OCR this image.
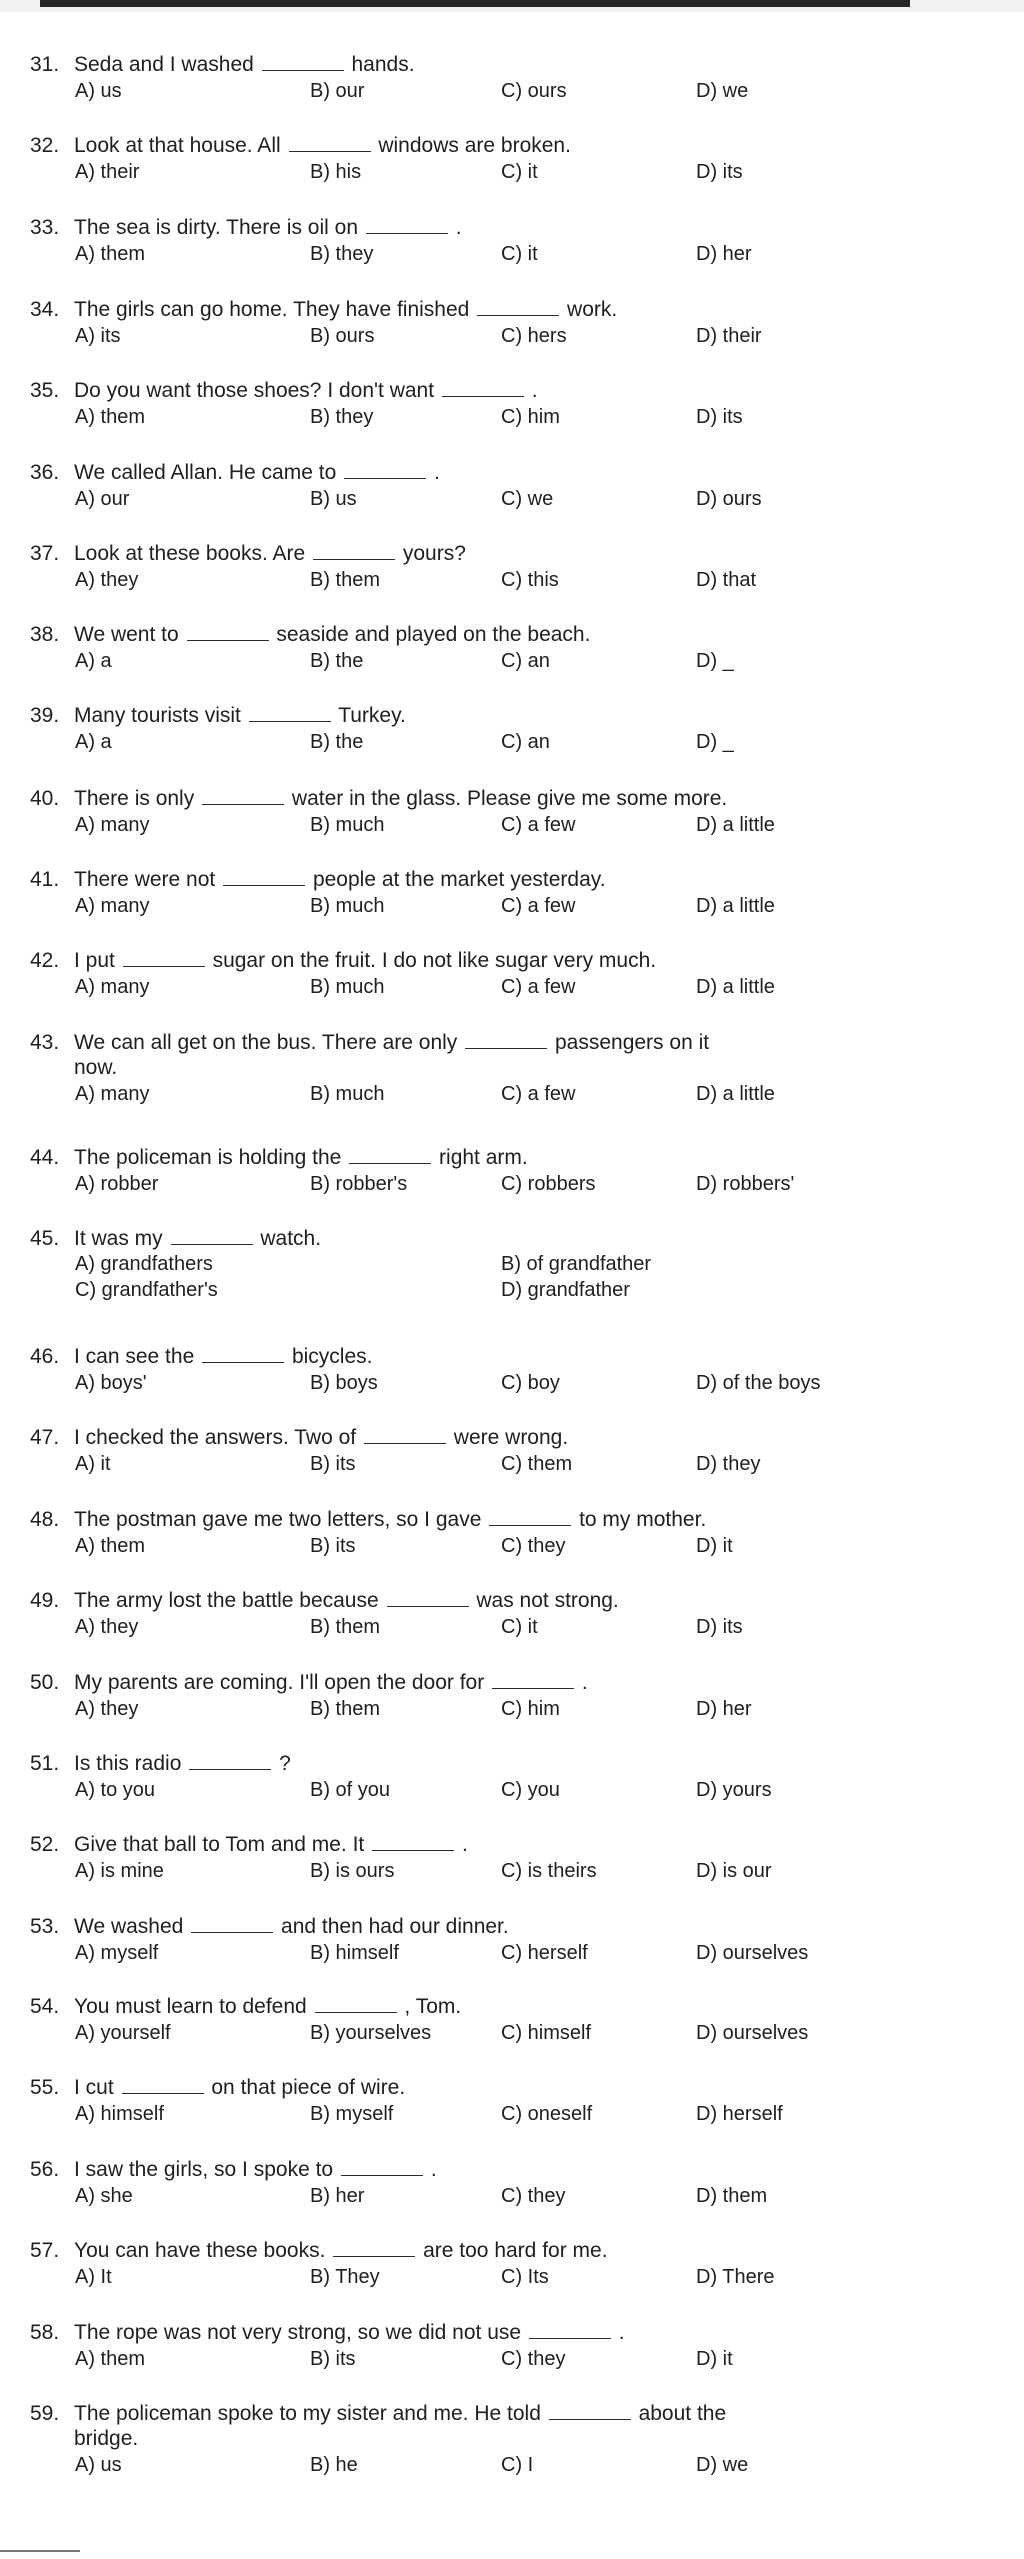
31. Seda and I washed	hands.
A) us	B) our	C) ours	D) we
32. Look at that house. All	windows are broken.
A) their	B) his	C) it	D) its
33. The sea is dirty. There is oil on	.
A) them	B) they	C) it	D) her
34. The girls can go home. They have finished	work.
A) its	B) ours	C) hers	D) their
35. Do you want those shoes? I don't want	.
A) them	B) they	C) him	D) its
36. We called Allan. He came to	.
A) our	B) us	C) we	D) ours
37. Look at these books. Are	yours?
A) they	B) them	C) this	D) that
38. We went to	seaside and played on the beach.
A) a	B) the	C) an	D) _
39. Many tourists visit	Turkey.
A) a	B) the	C) an	D) _
40. There is only	water in the glass. Please give me some more.
A) many	B) much	C) a few	D) a little
41. There were not	people at the market yesterday.
A) many	B) much	C) a few	D) a little
42. I put	sugar on the fruit. I do not like sugar very much.
A) many	B) much	C) a few	D) a little
43. We can all get on the bus. There are only	passengers on it
now.
A) many	B) much	C) a few	D) a little
44. The policeman is holding the	right arm.
A) robber	B) robber's	C) robbers	D) robbers'
45. It was my	watch.
A) grandfathers	B) of grandfather
C) grandfather's	D) grandfather
46. I can see the	bicycles.
A) boys'	B) boys	C) boy	D) of the boys
47. I checked the answers. Two of	were wrong.
A) it	B) its	C) them	D) they
48. The postman gave me two letters, so I gave	to my mother.
A) them	B) its	C) they	D) it
49. The army lost the battle because	was not strong.
A) they	B) them	C) it	D) its
50. My parents are coming. I'll open the door for	.
A) they	B) them	C) him	D) her
51. Is this radio	?
A) to you	B) of you	C) you	D) yours
52. Give that ball to Tom and me. It	.
A) is mine	B) is ours	C) is theirs	D) is our
53. We washed	and then had our dinner.
A) myself	B) himself	C) herself	D) ourselves
54. You must learn to defend	, Tom.
A) yourself	B) yourselves	C) himself	D) ourselves
55. I cut	on that piece of wire.
A) himself	B) myself	C) oneself	D) herself
56. I saw the girls, so I spoke to	.
A) she	B) her	C) they	D) them
57. You can have these books.	are too hard for me.
A) It	B) They	C) Its	D) There
58. The rope was not very strong, so we did not use	.
A) them	B) its	C) they	D) it
59. The policeman spoke to my sister and me. He told	about the
bridge.
A) us	B) he	C) I	D) we
